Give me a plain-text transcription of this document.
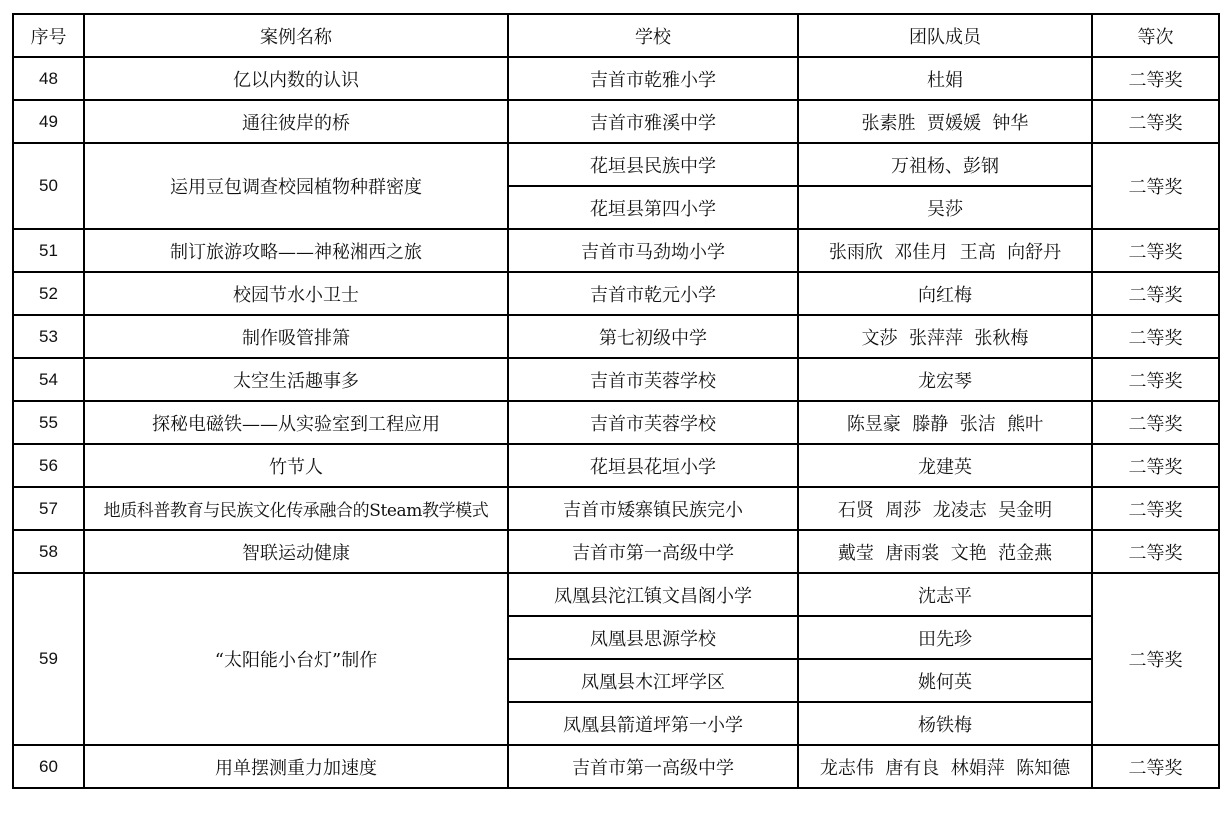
序号	案例名称	学校	团队成员	等次
48	亿以内数的认识	吉首市乾雅小学	杜娟	二等奖
49	通往彼岸的桥	吉首市雅溪中学	张素胜  贾媛媛  钟华	二等奖
50	运用豆包调查校园植物种群密度	花垣县民族中学	万祖杨、彭钢	二等奖
		花垣县第四小学	吴莎	
51	制订旅游攻略——神秘湘西之旅	吉首市马劲坳小学	张雨欣  邓佳月  王高  向舒丹	二等奖
52	校园节水小卫士	吉首市乾元小学	向红梅	二等奖
53	制作吸管排箫	第七初级中学	文莎  张萍萍  张秋梅	二等奖
54	太空生活趣事多	吉首市芙蓉学校	龙宏琴	二等奖
55	探秘电磁铁——从实验室到工程应用	吉首市芙蓉学校	陈昱豪  滕静  张洁  熊叶	二等奖
56	竹节人	花垣县花垣小学	龙建英	二等奖
57	地质科普教育与民族文化传承融合的Steam教学模式	吉首市矮寨镇民族完小	石贤  周莎  龙凌志  吴金明	二等奖
58	智联运动健康	吉首市第一高级中学	戴莹  唐雨裳  文艳  范金燕	二等奖
59	“太阳能小台灯”制作	凤凰县沱江镇文昌阁小学	沈志平	二等奖
		凤凰县思源学校	田先珍	
		凤凰县木江坪学区	姚何英	
		凤凰县箭道坪第一小学	杨铁梅	
60	用单摆测重力加速度	吉首市第一高级中学	龙志伟  唐有良  林娟萍  陈知德	二等奖
